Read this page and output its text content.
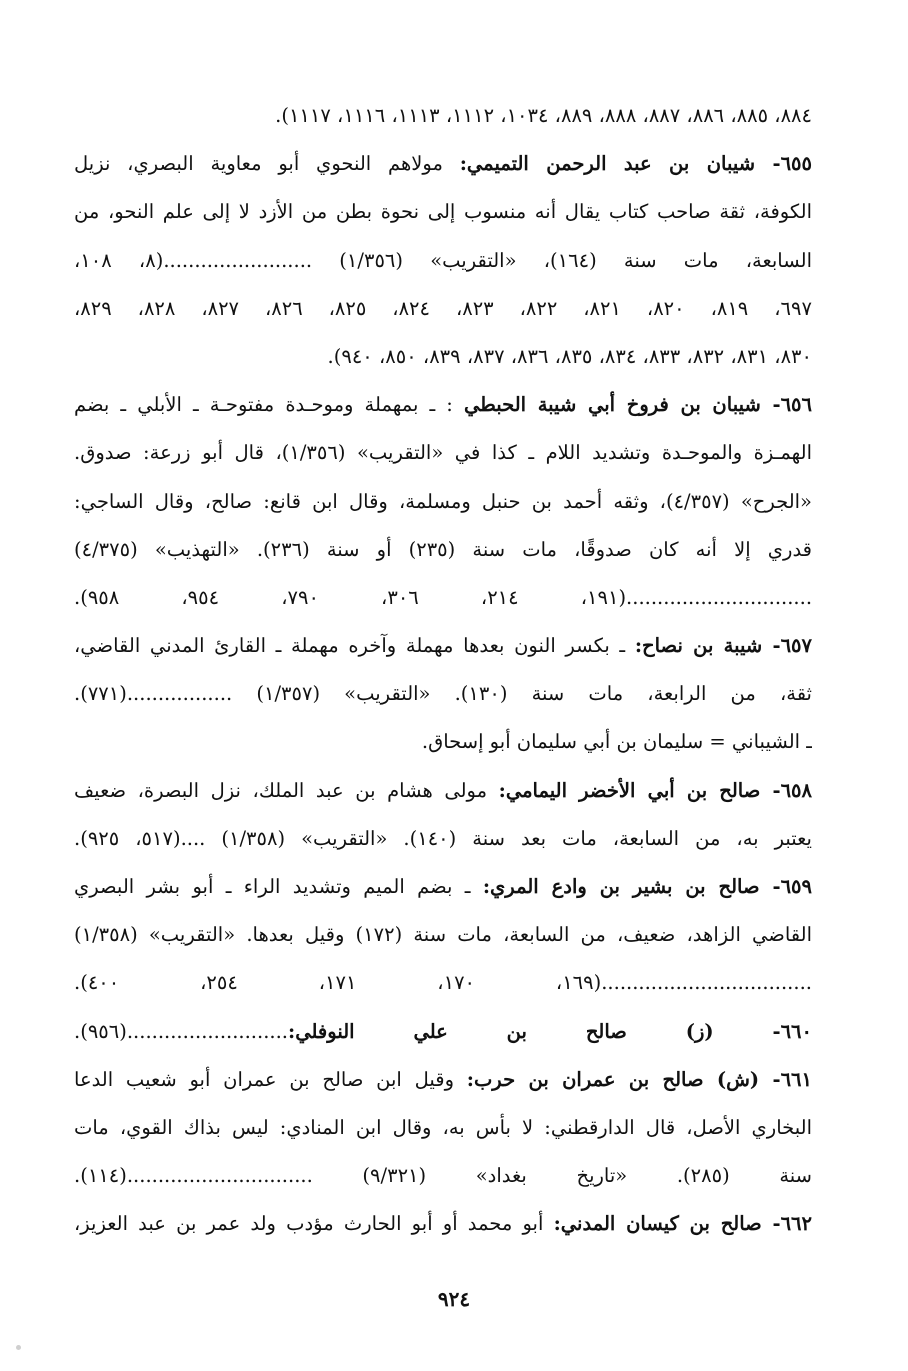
٨٨٤، ٨٨٥، ٨٨٦، ٨٨٧، ٨٨٨، ٨٨٩، ١٠٣٤، ١١١٢، ١١١٣، ١١١٦، ١١١٧).
٦٥٥- شيبان بن عبد الرحمن التميمي: مولاهم النحوي أبو معاوية البصري، نزيل
الكوفة، ثقة صاحب كتاب يقال أنه منسوب إلى نحوة بطن من الأزد لا إلى علم النحو، من
السابعة، مات سنة (١٦٤)، «التقريب» (١/٣٥٦) ........................(٨، ١٠٨،
٦٩٧، ٨١٩، ٨٢٠، ٨٢١، ٨٢٢، ٨٢٣، ٨٢٤، ٨٢٥، ٨٢٦، ٨٢٧، ٨٢٨، ٨٢٩،
٨٣٠، ٨٣١، ٨٣٢، ٨٣٣، ٨٣٤، ٨٣٥، ٨٣٦، ٨٣٧، ٨٣٩، ٨٥٠، ٩٤٠).
٦٥٦- شيبان بن فروخ أبي شيبة الحبطي : ـ بمهملة وموحـدة مفتوحـة ـ الأبلي ـ بضم
الهمـزة والموحـدة وتشديد اللام ـ كذا في «التقريب» (١/٣٥٦)، قال أبو زرعة: صدوق.
«الجرح» (٤/٣٥٧)، وثقه أحمد بن حنبل ومسلمة، وقال ابن قانع: صالح، وقال الساجي:
قدري إلا أنه كان صدوقًا، مات سنة (٢٣٥) أو سنة (٢٣٦). «التهذيب» (٤/٣٧٥)
..............................(١٩١، ٢١٤، ٣٠٦، ٧٩٠، ٩٥٤، ٩٥٨).
٦٥٧- شيبة بن نصاح: ـ بكسر النون بعدها مهملة وآخره مهملة ـ القارئ المدني القاضي،
ثقة، من الرابعة، مات سنة (١٣٠). «التقريب» (١/٣٥٧) .................(٧٧١).
ـ الشيباني = سليمان بن أبي سليمان أبو إسحاق.
٦٥٨- صالح بن أبي الأخضر اليمامي: مولى هشام بن عبد الملك، نزل البصرة، ضعيف
يعتبر به، من السابعة، مات بعد سنة (١٤٠). «التقريب» (١/٣٥٨) ....(٥١٧، ٩٢٥).
٦٥٩- صالح بن بشير بن وادع المري: ـ بضم الميم وتشديد الراء ـ أبو بشر البصري
القاضي الزاهد، ضعيف، من السابعة، مات سنة (١٧٢) وقيل بعدها. «التقريب» (١/٣٥٨)
..................................(١٦٩، ١٧٠، ١٧١، ٢٥٤، ٤٠٠).
٦٦٠- (ز) صالح بن علي النوفلي:..........................(٩٥٦).
٦٦١- (ش) صالح بن عمران بن حرب: وقيل ابن صالح بن عمران أبو شعيب الدعا
البخاري الأصل، قال الدارقطني: لا بأس به، وقال ابن المنادي: ليس بذاك القوي، مات
سنة (٢٨٥). «تاريخ بغداد» (٩/٣٢١) ..............................(١١٤).
٦٦٢- صالح بن كيسان المدني: أبو محمد أو أبو الحارث مؤدب ولد عمر بن عبد العزيز،
٩٢٤
